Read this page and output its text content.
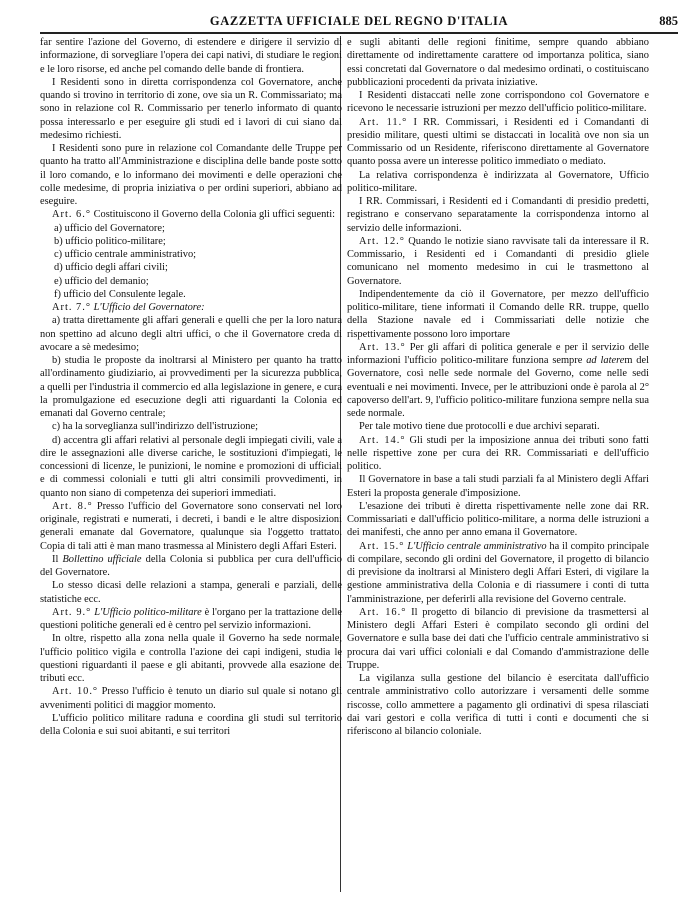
GAZZETTA UFFICIALE DEL REGNO D'ITALIA	885

far sentire l'azione del Governo, di estendere e dirigere il servizio di informazione, di sorvegliare l'opera dei capi nativi, di studiare le regioni e le loro risorse, ed anche pel comando delle bande di frontiera.

I Residenti sono in diretta corrispondenza col Governatore, anche quando si trovino in territorio di zone, ove sia un R. Commissariato; ma sono in relazione col R. Commissario per tenerlo informato di quanto possa interessarlo e per eseguire gli studi ed i lavori di cui siano dal medesimo richiesti.

I Residenti sono pure in relazione col Comandante delle Truppe per quanto ha tratto all'Amministrazione e disciplina delle bande poste sotto il loro comando, e lo informano dei movimenti e delle operazioni che colle medesime, di propria iniziativa o per ordini superiori, abbiano ad eseguire.

Art. 6.° Costituiscono il Governo della Colonia gli uffici seguenti:

a) ufficio del Governatore;

b) ufficio politico-militare;

c) ufficio centrale amministrativo;

d) ufficio degli affari civili;

e) ufficio del demanio;

f) ufficio del Consulente legale.

Art. 7.° L'Ufficio del Governatore:

a) tratta direttamente gli affari generali e quelli che per la loro natura non spettino ad alcuno degli altri uffici, o che il Governatore creda di avocare a sè medesimo;

b) studia le proposte da inoltrarsi al Ministero per quanto ha tratto all'ordinamento giudiziario, ai provvedimenti per la sicurezza pubblica, a quelli per l'industria il commercio ed alla legislazione in genere, e cura la promulgazione ed esecuzione degli atti riguardanti la Colonia ed emanati dal Governo centrale;

c) ha la sorveglianza sull'indirizzo dell'istruzione;

d) accentra gli affari relativi al personale degli impiegati civili, vale a dire le assegnazioni alle diverse cariche, le sostituzioni d'impiegati, le concessioni di licenze, le punizioni, le nomine e promozioni di ufficiali e di commessi coloniali e tutti gli altri consimili provvedimenti, in quanto non siano di competenza dei superiori immediati.

Art. 8.° Presso l'ufficio del Governatore sono conservati nel loro originale, registrati e numerati, i decreti, i bandi e le altre disposizioni generali emanate dal Governatore, qualunque sia l'oggetto trattato. Copia di tali atti è man mano trasmessa al Ministero degli Affari Esteri.

Il Bollettino ufficiale della Colonia si pubblica per cura dell'ufficio del Governatore.

Lo stesso dicasi delle relazioni a stampa, generali e parziali, delle statistiche ecc.

Art. 9.° L'Ufficio politico-militare è l'organo per la trattazione delle questioni politiche generali ed è centro pel servizio informazioni.

In oltre, rispetto alla zona nella quale il Governo ha sede normale, l'ufficio politico vigila e controlla l'azione dei capi indigeni, studia le questioni riguardanti il paese e gli abitanti, provvede alla esazione dei tributi ecc.

Art. 10.° Presso l'ufficio è tenuto un diario sul quale si notano gli avvenimenti politici di maggior momento.

L'ufficio politico militare raduna e coordina gli studi sul territorio della Colonia e sui suoi abitanti, e sui territori

e sugli abitanti delle regioni finitime, sempre quando abbiano direttamente od indirettamente carattere od importanza politica, siano essi concretati dal Governatore o dal medesimo ordinati, o costituiscano pubblicazioni procedenti da privata iniziative.

I Residenti distaccati nelle zone corrispondono col Governatore e ricevono le necessarie istruzioni per mezzo dell'ufficio politico-militare.

Art. 11.° I RR. Commissari, i Residenti ed i Comandanti di presidio militare, questi ultimi se distaccati in località ove non sia un Commissario od un Residente, riferiscono direttamente al Governatore quanto possa avere un interesse politico immediato o mediato.

La relativa corrispondenza è indirizzata al Governatore, Ufficio politico-militare.

I RR. Commissari, i Residenti ed i Comandanti di presidio predetti, registrano e conservano separatamente la corrispondenza intorno al servizio delle informazioni.

Art. 12.° Quando le notizie siano ravvisate tali da interessare il R. Commissario, i Residenti ed i Comandanti di presidio gliele comunicano nel momento medesimo in cui le trasmettono al Governatore.

Indipendentemente da ciò il Governatore, per mezzo dell'ufficio politico-militare, tiene informati il Comando delle RR. truppe, quello della Stazione navale ed i Commissariati delle notizie che rispettivamente possono loro importare

Art. 13.° Per gli affari di politica generale e per il servizio delle informazioni l'ufficio politico-militare funziona sempre ad laterem del Governatore, così nelle sede normale del Governo, come nelle sedi eventuali e nei movimenti. Invece, per le attribuzioni onde è parola al 2° capoverso dell'art. 9, l'ufficio politico-militare funziona sempre nella sua sede normale.

Per tale motivo tiene due protocolli e due archivi separati.

Art. 14.° Gli studi per la imposizione annua dei tributi sono fatti nelle rispettive zone per cura dei RR. Commissariati e dell'ufficio politico.

Il Governatore in base a tali studi parziali fa al Ministero degli Affari Esteri la proposta generale d'imposizione.

L'esazione dei tributi è diretta rispettivamente nelle zone dai RR. Commissariati e dall'ufficio politico-militare, a norma delle istruzioni a dei manifesti, che anno per anno emana il Governatore.

Art. 15.° L'Ufficio centrale amministrativo ha il compito principale di compilare, secondo gli ordini del Governatore, il progetto di bilancio di previsione da inoltrarsi al Ministero degli Affari Esteri, di vigilare la gestione amministrativa della Colonia e di riassumere i conti di tutta l'amministrazione, per deferirli alla revisione del Governo centrale.

Art. 16.° Il progetto di bilancio di previsione da trasmettersi al Ministero degli Affari Esteri è compilato secondo gli ordini del Governatore e sulla base dei dati che l'ufficio centrale amministrativo si procura dai vari uffici coloniali e dal Comando d'ammistrazione delle Truppe.

La vigilanza sulla gestione del bilancio è esercitata dall'ufficio centrale amministrativo collo autorizzare i versamenti delle somme riscosse, collo ammettere a pagamento gli ordinativi di spesa rilasciati dai vari gestori e colla verifica di tutti i conti e documenti che si riferiscono al bilancio coloniale.
